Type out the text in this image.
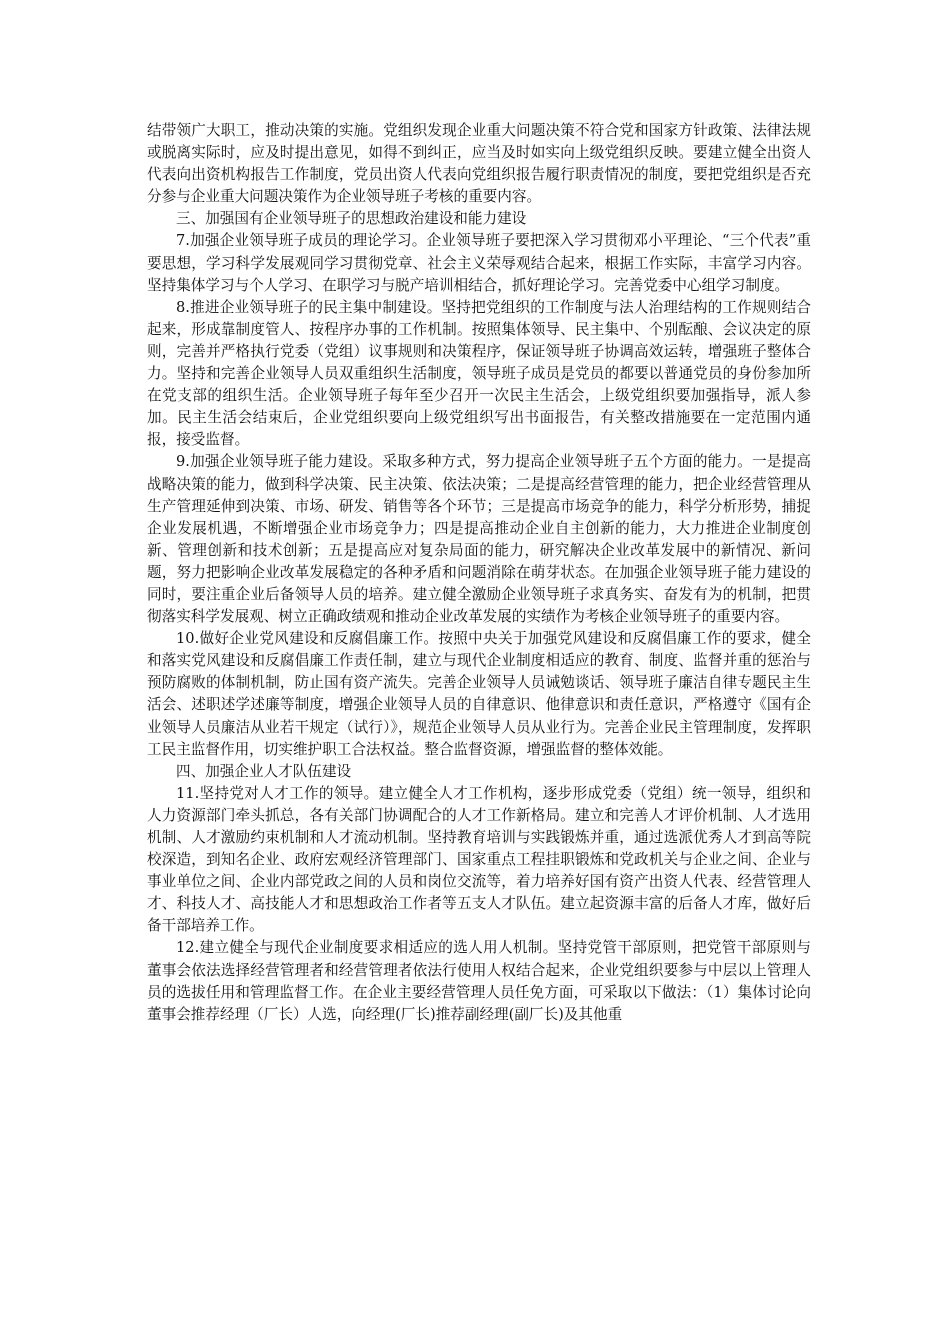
结带领广大职工，推动决策的实施。党组织发现企业重大问题决策不符合党和国家方针政策、法律法规或脱离实际时，应及时提出意见，如得不到纠正，应当及时如实向上级党组织反映。要建立健全出资人代表向出资机构报告工作制度，党员出资人代表向党组织报告履行职责情况的制度，要把党组织是否充分参与企业重大问题决策作为企业领导班子考核的重要内容。

三、加强国有企业领导班子的思想政治建设和能力建设

7.加强企业领导班子成员的理论学习。企业领导班子要把深入学习贯彻邓小平理论、“三个代表”重要思想，学习科学发展观同学习贯彻党章、社会主义荣辱观结合起来，根据工作实际，丰富学习内容。坚持集体学习与个人学习、在职学习与脱产培训相结合，抓好理论学习。完善党委中心组学习制度。

8.推进企业领导班子的民主集中制建设。坚持把党组织的工作制度与法人治理结构的工作规则结合起来，形成靠制度管人、按程序办事的工作机制。按照集体领导、民主集中、个别酝酿、会议决定的原则，完善并严格执行党委（党组）议事规则和决策程序，保证领导班子协调高效运转，增强班子整体合力。坚持和完善企业领导人员双重组织生活制度，领导班子成员是党员的都要以普通党员的身份参加所在党支部的组织生活。企业领导班子每年至少召开一次民主生活会，上级党组织要加强指导，派人参加。民主生活会结束后，企业党组织要向上级党组织写出书面报告，有关整改措施要在一定范围内通报，接受监督。

9.加强企业领导班子能力建设。采取多种方式，努力提高企业领导班子五个方面的能力。一是提高战略决策的能力，做到科学决策、民主决策、依法决策；二是提高经营管理的能力，把企业经营管理从生产管理延伸到决策、市场、研发、销售等各个环节；三是提高市场竞争的能力，科学分析形势，捕捉企业发展机遇，不断增强企业市场竞争力；四是提高推动企业自主创新的能力，大力推进企业制度创新、管理创新和技术创新；五是提高应对复杂局面的能力，研究解决企业改革发展中的新情况、新问题，努力把影响企业改革发展稳定的各种矛盾和问题消除在萌芽状态。在加强企业领导班子能力建设的同时，要注重企业后备领导人员的培养。建立健全激励企业领导班子求真务实、奋发有为的机制，把贯彻落实科学发展观、树立正确政绩观和推动企业改革发展的实绩作为考核企业领导班子的重要内容。

10.做好企业党风建设和反腐倡廉工作。按照中央关于加强党风建设和反腐倡廉工作的要求，健全和落实党风建设和反腐倡廉工作责任制，建立与现代企业制度相适应的教育、制度、监督并重的惩治与预防腐败的体制机制，防止国有资产流失。完善企业领导人员诫勉谈话、领导班子廉洁自律专题民主生活会、述职述学述廉等制度，增强企业领导人员的自律意识、他律意识和责任意识，严格遵守《国有企业领导人员廉洁从业若干规定（试行）》，规范企业领导人员从业行为。完善企业民主管理制度，发挥职工民主监督作用，切实维护职工合法权益。整合监督资源，增强监督的整体效能。

四、加强企业人才队伍建设

11.坚持党对人才工作的领导。建立健全人才工作机构，逐步形成党委（党组）统一领导，组织和人力资源部门牵头抓总，各有关部门协调配合的人才工作新格局。建立和完善人才评价机制、人才选用机制、人才激励约束机制和人才流动机制。坚持教育培训与实践锻炼并重，通过选派优秀人才到高等院校深造，到知名企业、政府宏观经济管理部门、国家重点工程挂职锻炼和党政机关与企业之间、企业与事业单位之间、企业内部党政之间的人员和岗位交流等，着力培养好国有资产出资人代表、经营管理人才、科技人才、高技能人才和思想政治工作者等五支人才队伍。建立起资源丰富的后备人才库，做好后备干部培养工作。

12.建立健全与现代企业制度要求相适应的选人用人机制。坚持党管干部原则，把党管干部原则与董事会依法选择经营管理者和经营管理者依法行使用人权结合起来，企业党组织要参与中层以上管理人员的选拔任用和管理监督工作。在企业主要经营管理人员任免方面，可采取以下做法：（1）集体讨论向董事会推荐经理（厂长）人选，向经理(厂长)推荐副经理(副厂长)及其他重
